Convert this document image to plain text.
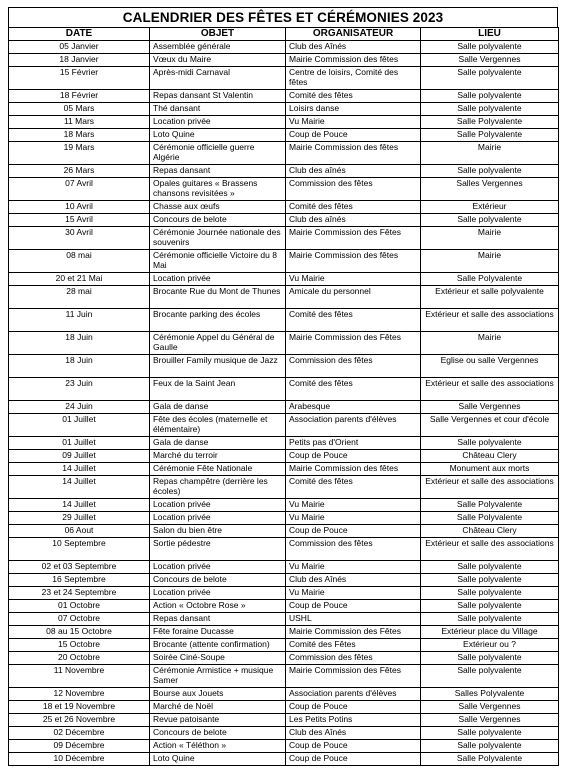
CALENDRIER DES FÊTES ET CÉRÉMONIES 2023
DATE	OBJET	ORGANISATEUR	LIEU
05 Janvier	Assemblée générale	Club des Aînés	Salle polyvalente
18 Janvier	Vœux du Maire	Mairie Commission des fêtes	Salle Vergennes
15 Février	Après-midi Carnaval	Centre de loisirs, Comité des fêtes	Salle polyvalente
18 Février	Repas dansant St Valentin	Comité des fêtes	Salle polyvalente
05 Mars	Thé dansant	Loisirs danse	Salle polyvalente
11 Mars	Location privée	Vu Mairie	Salle Polyvalente
18 Mars	Loto Quine	Coup de Pouce	Salle Polyvalente
19 Mars	Cérémonie officielle guerre Algérie	Mairie Commission des fêtes	Mairie
26 Mars	Repas dansant	Club des aînés	Salle polyvalente
07 Avril	Opales guitares « Brassens chansons revisitées »	Commission des fêtes	Salles Vergennes
10 Avril	Chasse aux œufs	Comité des fêtes	Extérieur
15 Avril	Concours de belote	Club des aînés	Salle polyvalente
30 Avril	Cérémonie Journée nationale des souvenirs	Mairie Commission des Fêtes	Mairie
08 mai	Cérémonie officielle Victoire du 8 Mai	Mairie Commission des fêtes	Mairie
20 et 21 Mai	Location privée	Vu Mairie	Salle Polyvalente
28 mai	Brocante Rue du Mont de Thunes	Amicale du personnel	Extérieur et salle polyvalente
11 Juin	Brocante parking des écoles	Comité des fêtes	Extérieur et salle des associations
18 Juin	Cérémonie Appel du Général de Gaulle	Mairie Commission des Fêtes	Mairie
18 Juin	Brouiller Family musique de Jazz	Commission des fêtes	Eglise ou salle Vergennes
23 Juin	Feux de la Saint Jean	Comité des fêtes	Extérieur et salle des associations
24 Juin	Gala de danse	Arabesque	Salle Vergennes
01 Juillet	Fête des écoles (maternelle et élémentaire)	Association parents d'élèves	Salle Vergennes et cour d'école
01 Juillet	Gala de danse	Petits pas d'Orient	Salle polyvalente
09 Juillet	Marché du terroir	Coup de Pouce	Château Clery
14 Juillet	Cérémonie Fête Nationale	Mairie Commission des fêtes	Monument aux morts
14 Juillet	Repas champêtre (derrière les écoles)	Comité des fêtes	Extérieur et salle des associations
14 Juillet	Location privée	Vu Mairie	Salle Polyvalente
29 Juillet	Location privée	Vu Mairie	Salle Polyvalente
06 Aout	Salon du bien être	Coup de Pouce	Château Clery
10 Septembre	Sortie pédestre	Commission des fêtes	Extérieur et salle des associations
02 et 03 Septembre	Location privée	Vu Mairie	Salle polyvalente
16 Septembre	Concours de belote	Club des Aînés	Salle polyvalente
23 et 24 Septembre	Location privée	Vu Mairie	Salle polyvalente
01 Octobre	Action « Octobre Rose »	Coup de Pouce	Salle polyvalente
07 Octobre	Repas dansant	USHL	Salle polyvalente
08 au 15 Octobre	Fête foraine Ducasse	Mairie Commission des Fêtes	Extérieur place du Village
15 Octobre	Brocante (attente confirmation)	Comité des Fêtes	Extérieur ou ?
20 Octobre	Soirée Ciné-Soupe	Commission des fêtes	Salle polyvalente
11 Novembre	Cérémonie Armistice + musique Samer	Mairie Commission des Fêtes	Salle polyvalente
12 Novembre	Bourse aux Jouets	Association parents d'élèves	Salles Polyvalente
18 et 19 Novembre	Marché de Noël	Coup de Pouce	Salle Vergennes
25 et 26 Novembre	Revue patoisante	Les Petits Potins	Salle Vergennes
02 Décembre	Concours de belote	Club des Aînés	Salle polyvalente
09 Décembre	Action « Téléthon »	Coup de Pouce	Salle polyvalente
10 Décembre	Loto Quine	Coup de Pouce	Salle Polyvalente
